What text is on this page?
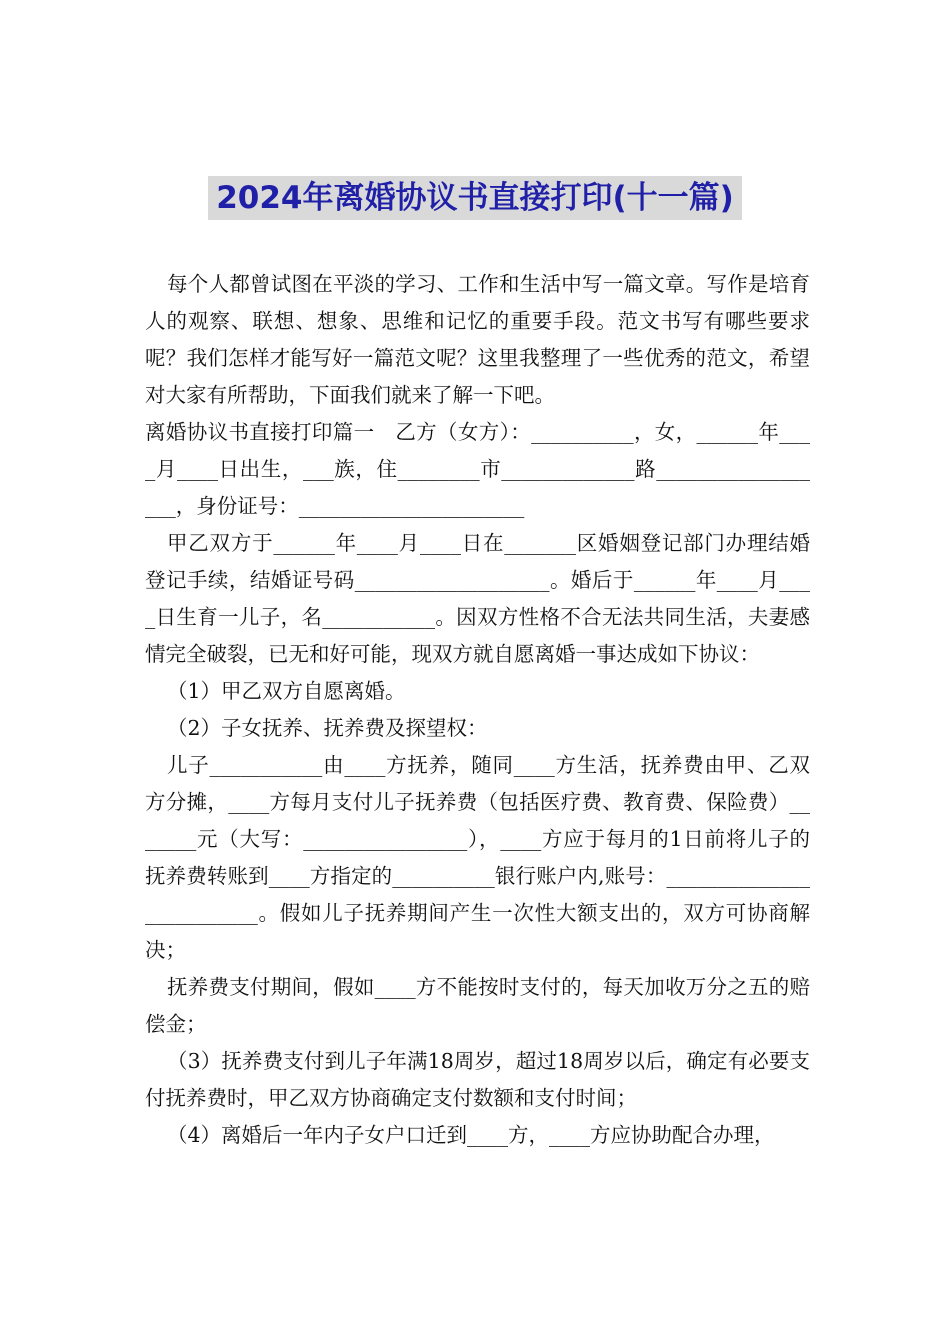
2024年离婚协议书直接打印(十一篇)

每个人都曾试图在平淡的学习、工作和生活中写一篇文章。写作是培育人的观察、联想、想象、思维和记忆的重要手段。范文书写有哪些要求呢？我们怎样才能写好一篇范文呢？这里我整理了一些优秀的范文，希望对大家有所帮助，下面我们就来了解一下吧。

离婚协议书直接打印篇一　乙方（女方）：__________，女，______年____月____日出生，___族，住________市_____________路__________________，身份证号：______________________

甲乙双方于______年____月____日在_______区婚姻登记部门办理结婚登记手续，结婚证号码___________________。婚后于______年____月____日生育一儿子，名___________。因双方性格不合无法共同生活，夫妻感情完全破裂，已无和好可能，现双方就自愿离婚一事达成如下协议：

（1）甲乙双方自愿离婚。

（2）子女抚养、抚养费及探望权：

儿子___________由____方抚养，随同____方生活，抚养费由甲、乙双方分摊，____方每月支付儿子抚养费（包括医疗费、教育费、保险费）_______元（大写：________________），____方应于每月的1日前将儿子的抚养费转账到____方指定的__________银行账户内,账号：_________________________。假如儿子抚养期间产生一次性大额支出的，双方可协商解决；

抚养费支付期间，假如____方不能按时支付的，每天加收万分之五的赔偿金；

（3）抚养费支付到儿子年满18周岁，超过18周岁以后，确定有必要支付抚养费时，甲乙双方协商确定支付数额和支付时间；

（4）离婚后一年内子女户口迁到____方，____方应协助配合办理，
